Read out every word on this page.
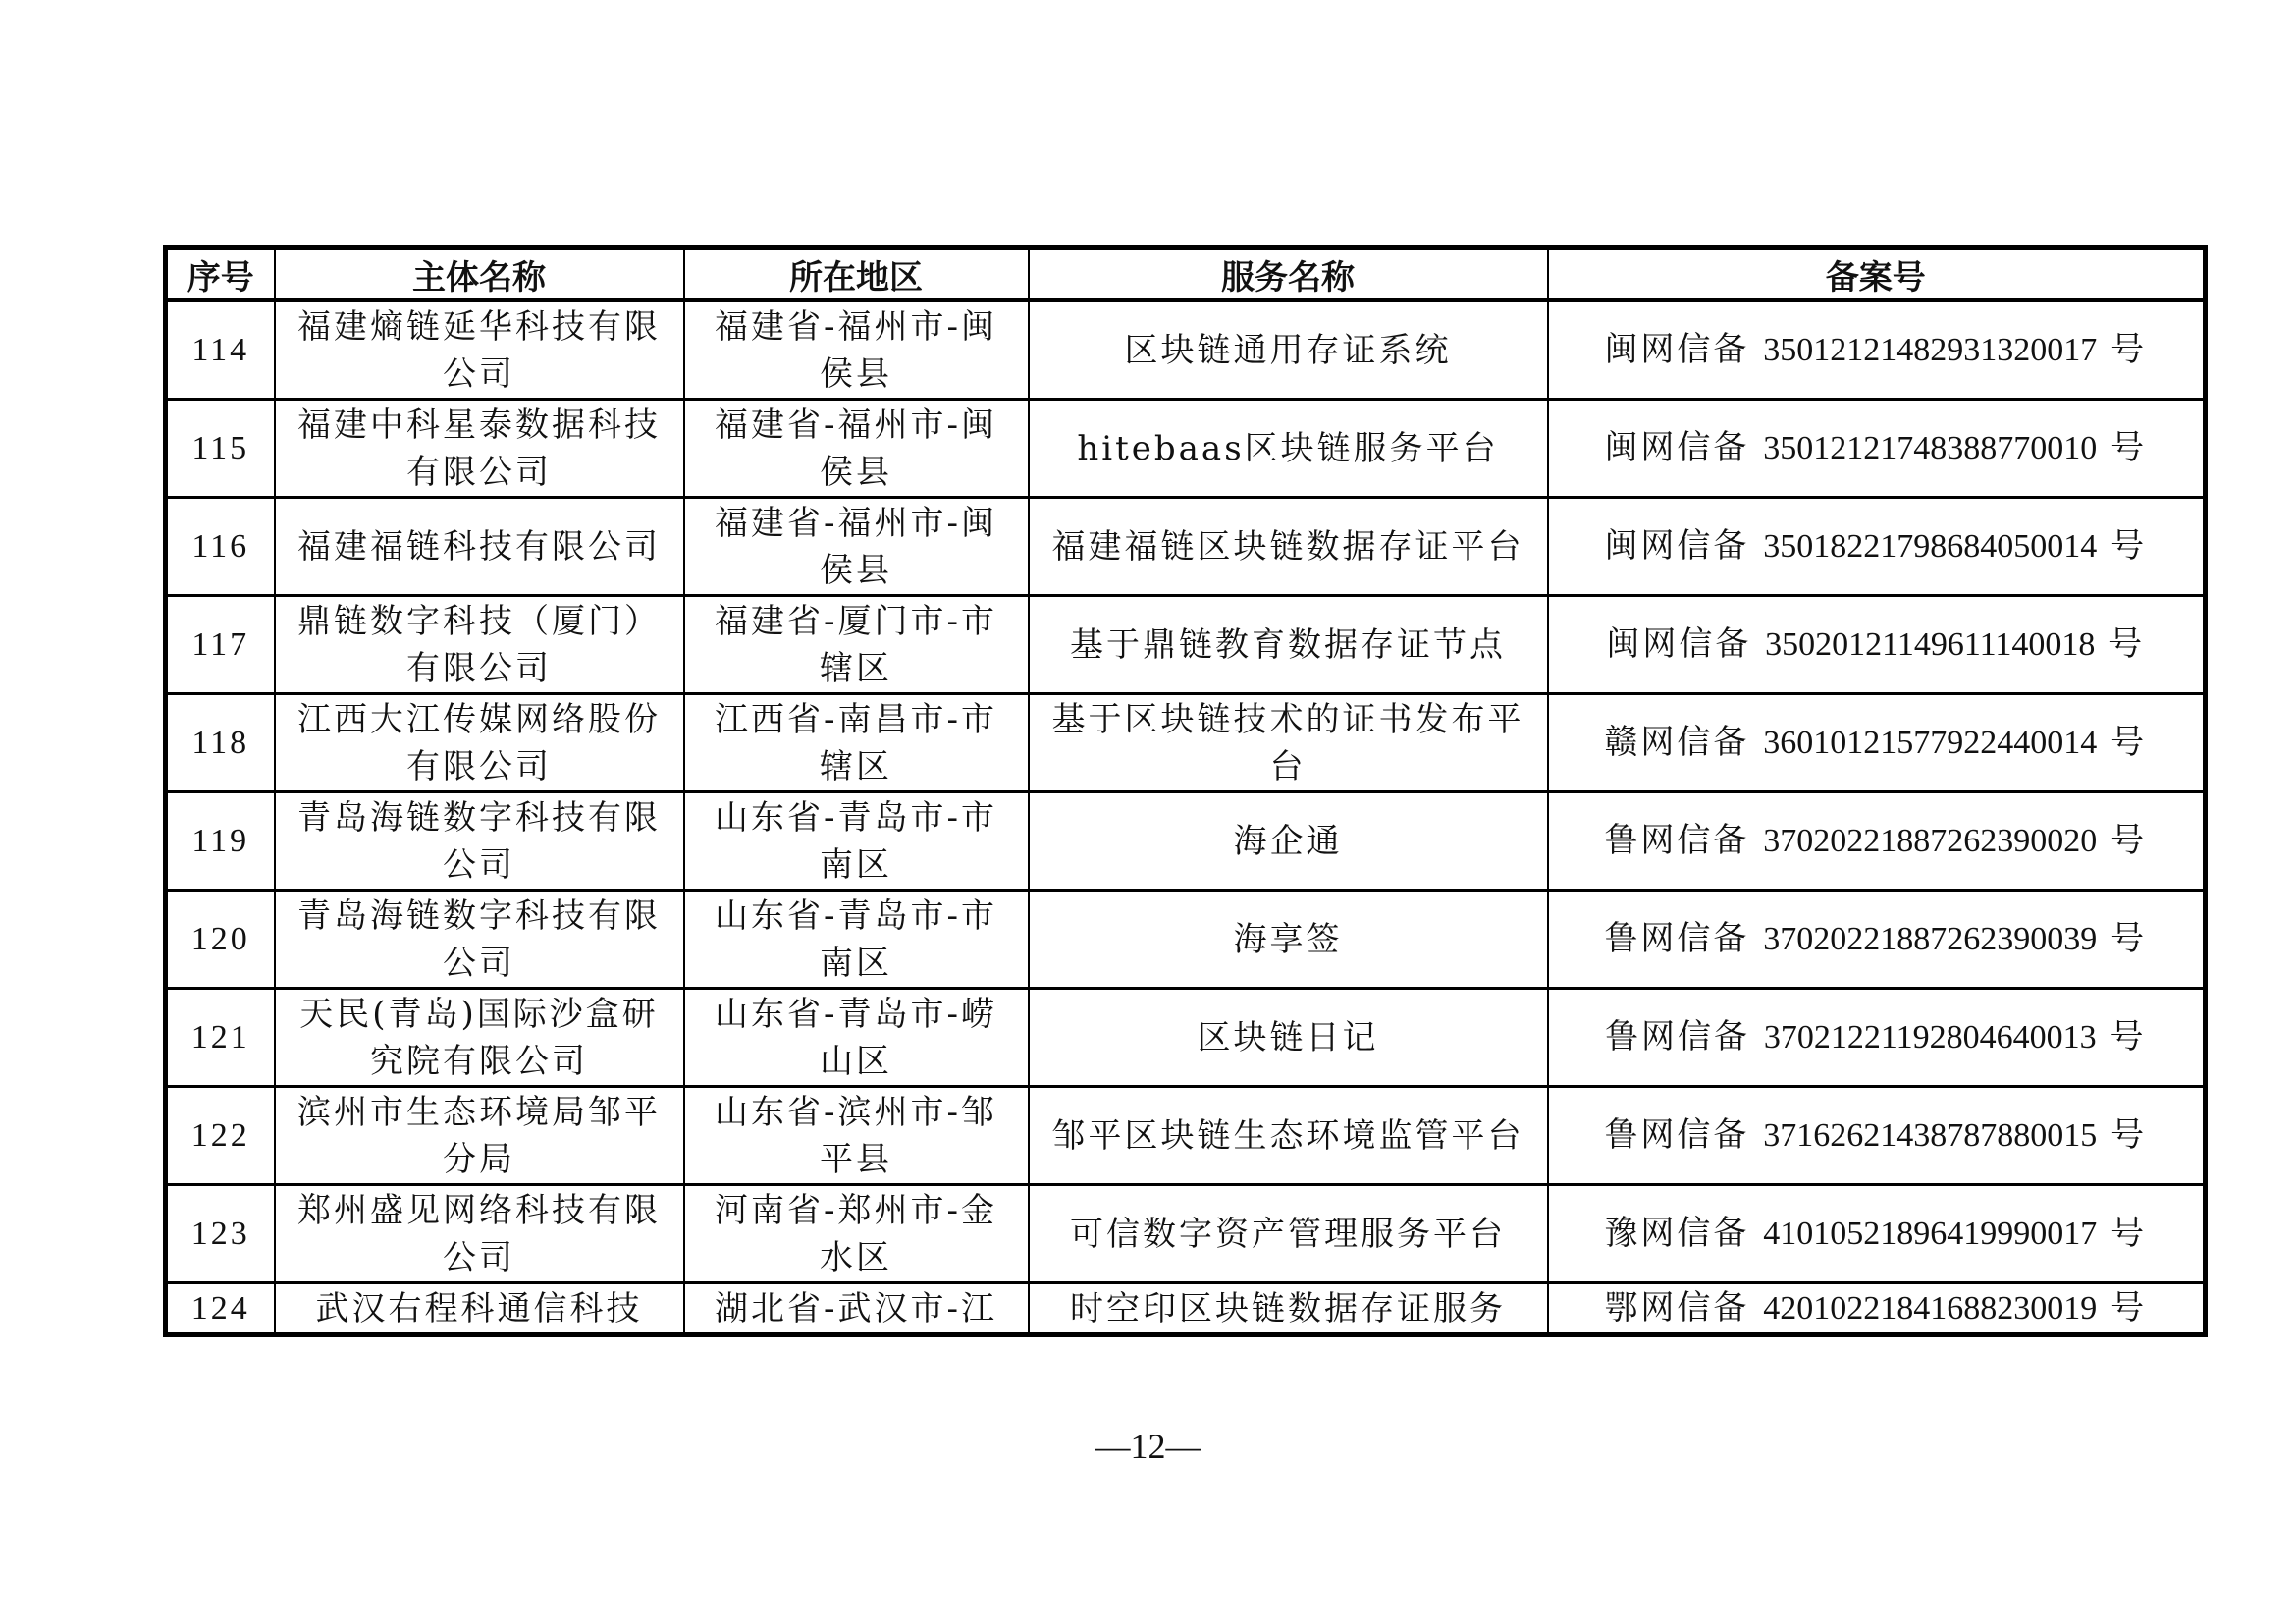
序号	主体名称	所在地区	服务名称	备案号
114	福建熵链延华科技有限公司	福建省-福州市-闽侯县	区块链通用存证系统	闽网信备 35012121482931320017 号
115	福建中科星泰数据科技有限公司	福建省-福州市-闽侯县	hitebaas区块链服务平台	闽网信备 35012121748388770010 号
116	福建福链科技有限公司	福建省-福州市-闽侯县	福建福链区块链数据存证平台	闽网信备 35018221798684050014 号
117	鼎链数字科技（厦门）有限公司	福建省-厦门市-市辖区	基于鼎链教育数据存证节点	闽网信备 35020121149611140018 号
118	江西大江传媒网络股份有限公司	江西省-南昌市-市辖区	基于区块链技术的证书发布平台	赣网信备 36010121577922440014 号
119	青岛海链数字科技有限公司	山东省-青岛市-市南区	海企通	鲁网信备 37020221887262390020 号
120	青岛海链数字科技有限公司	山东省-青岛市-市南区	海享签	鲁网信备 37020221887262390039 号
121	天民(青岛)国际沙盒研究院有限公司	山东省-青岛市-崂山区	区块链日记	鲁网信备 37021221192804640013 号
122	滨州市生态环境局邹平分局	山东省-滨州市-邹平县	邹平区块链生态环境监管平台	鲁网信备 37162621438787880015 号
123	郑州盛见网络科技有限公司	河南省-郑州市-金水区	可信数字资产管理服务平台	豫网信备 41010521896419990017 号
124	武汉右程科通信科技	湖北省-武汉市-江	时空印区块链数据存证服务	鄂网信备 42010221841688230019 号
—12—
